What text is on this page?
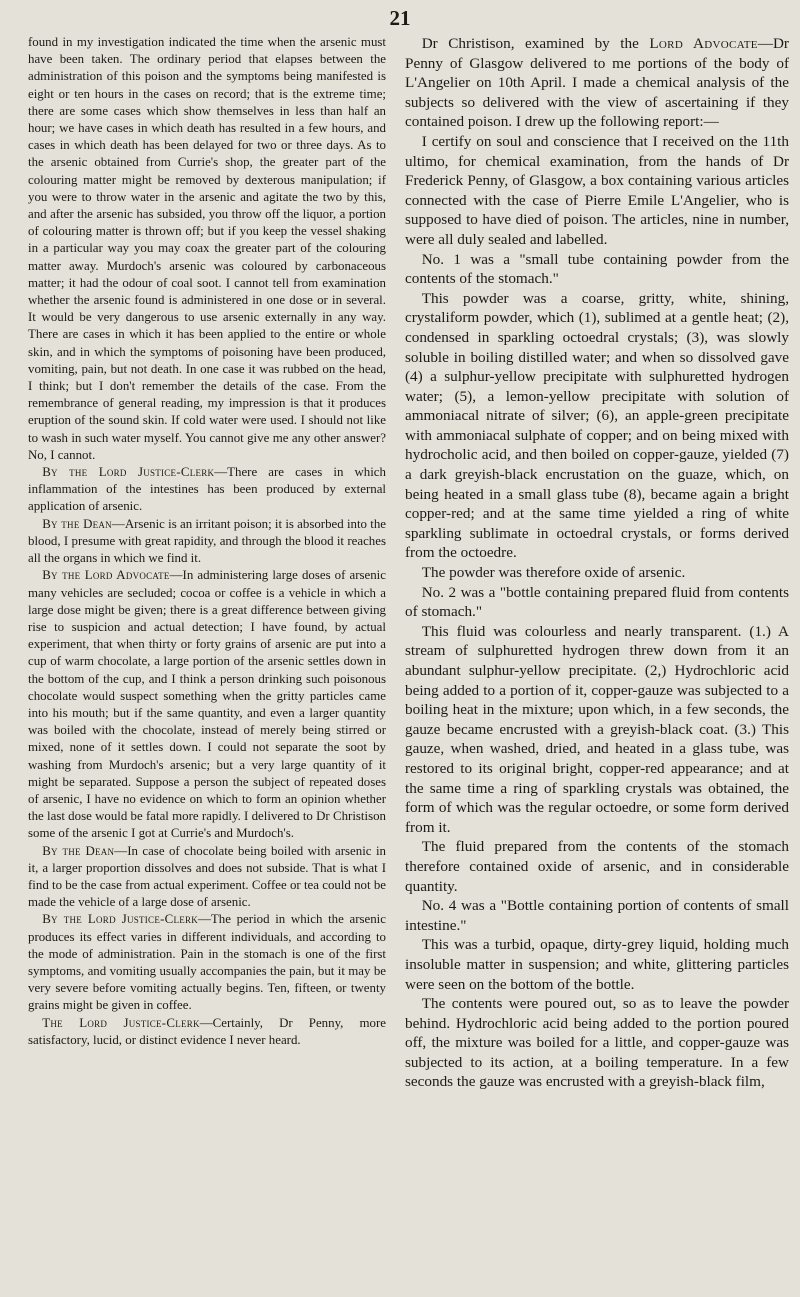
21

found in my investigation indicated the time when the arsenic must have been taken. The ordinary period that elapses between the administration of this poison and the symptoms being manifested is eight or ten hours in the cases on record; that is the extreme time; there are some cases which show themselves in less than half an hour; we have cases in which death has resulted in a few hours, and cases in which death has been delayed for two or three days. As to the arsenic obtained from Currie's shop, the greater part of the colouring matter might be removed by dexterous manipulation; if you were to throw water in the arsenic and agitate the two by this, and after the arsenic has subsided, you throw off the liquor, a portion of colouring matter is thrown off; but if you keep the vessel shaking in a particular way you may coax the greater part of the colouring matter away. Murdoch's arsenic was coloured by carbonaceous matter; it had the odour of coal soot. I cannot tell from examination whether the arsenic found is administered in one dose or in several. It would be very dangerous to use arsenic externally in any way. There are cases in which it has been applied to the entire or whole skin, and in which the symptoms of poisoning have been produced, vomiting, pain, but not death. In one case it was rubbed on the head, I think; but I don't remember the details of the case. From the remembrance of general reading, my impression is that it produces eruption of the sound skin. If cold water were used. I should not like to wash in such water myself. You cannot give me any other answer? No, I cannot.

By the Lord Justice-Clerk—There are cases in which inflammation of the intestines has been produced by external application of arsenic.

By the Dean—Arsenic is an irritant poison; it is absorbed into the blood, I presume with great rapidity, and through the blood it reaches all the organs in which we find it.

By the Lord Advocate—In administering large doses of arsenic many vehicles are secluded; cocoa or coffee is a vehicle in which a large dose might be given; there is a great difference between giving rise to suspicion and actual detection; I have found, by actual experiment, that when thirty or forty grains of arsenic are put into a cup of warm chocolate, a large portion of the arsenic settles down in the bottom of the cup, and I think a person drinking such poisonous chocolate would suspect something when the gritty particles came into his mouth; but if the same quantity, and even a larger quantity was boiled with the chocolate, instead of merely being stirred or mixed, none of it settles down. I could not separate the soot by washing from Murdoch's arsenic; but a very large quantity of it might be separated. Suppose a person the subject of repeated doses of arsenic, I have no evidence on which to form an opinion whether the last dose would be fatal more rapidly. I delivered to Dr Christison some of the arsenic I got at Currie's and Murdoch's.

By the Dean—In case of chocolate being boiled with arsenic in it, a larger proportion dissolves and does not subside. That is what I find to be the case from actual experiment. Coffee or tea could not be made the vehicle of a large dose of arsenic.

By the Lord Justice-Clerk—The period in which the arsenic produces its effect varies in different individuals, and according to the mode of administration. Pain in the stomach is one of the first symptoms, and vomiting usually accompanies the pain, but it may be very severe before vomiting actually begins. Ten, fifteen, or twenty grains might be given in coffee.

The Lord Justice-Clerk—Certainly, Dr Penny, more satisfactory, lucid, or distinct evidence I never heard.

Dr Christison, examined by the Lord Advocate—Dr Penny of Glasgow delivered to me portions of the body of L'Angelier on 10th April. I made a chemical analysis of the subjects so delivered with the view of ascertaining if they contained poison. I drew up the following report:—

I certify on soul and conscience that I received on the 11th ultimo, for chemical examination, from the hands of Dr Frederick Penny, of Glasgow, a box containing various articles connected with the case of Pierre Emile L'Angelier, who is supposed to have died of poison. The articles, nine in number, were all duly sealed and labelled.

No. 1 was a "small tube containing powder from the contents of the stomach."

This powder was a coarse, gritty, white, shining, crystaliform powder, which (1), sublimed at a gentle heat; (2), condensed in sparkling octoedral crystals; (3), was slowly soluble in boiling distilled water; and when so dissolved gave (4) a sulphur-yellow precipitate with sulphuretted hydrogen water; (5), a lemon-yellow precipitate with solution of ammoniacal nitrate of silver; (6), an apple-green precipitate with ammoniacal sulphate of copper; and on being mixed with hydrocholic acid, and then boiled on copper-gauze, yielded (7) a dark greyish-black encrustation on the guaze, which, on being heated in a small glass tube (8), became again a bright copper-red; and at the same time yielded a ring of white sparkling sublimate in octoedral crystals, or forms derived from the octoedre.

The powder was therefore oxide of arsenic.

No. 2 was a "bottle containing prepared fluid from contents of stomach."

This fluid was colourless and nearly transparent. (1.) A stream of sulphuretted hydrogen threw down from it an abundant sulphur-yellow precipitate. (2,) Hydrochloric acid being added to a portion of it, copper-gauze was subjected to a boiling heat in the mixture; upon which, in a few seconds, the gauze became encrusted with a greyish-black coat. (3.) This gauze, when washed, dried, and heated in a glass tube, was restored to its original bright, copper-red appearance; and at the same time a ring of sparkling crystals was obtained, the form of which was the regular octoedre, or some form derived from it.

The fluid prepared from the contents of the stomach therefore contained oxide of arsenic, and in considerable quantity.

No. 4 was a "Bottle containing portion of contents of small intestine."

This was a turbid, opaque, dirty-grey liquid, holding much insoluble matter in suspension; and white, glittering particles were seen on the bottom of the bottle.

The contents were poured out, so as to leave the powder behind. Hydrochloric acid being added to the portion poured off, the mixture was boiled for a little, and copper-gauze was subjected to its action, at a boiling temperature. In a few seconds the gauze was encrusted with a greyish-black film,
